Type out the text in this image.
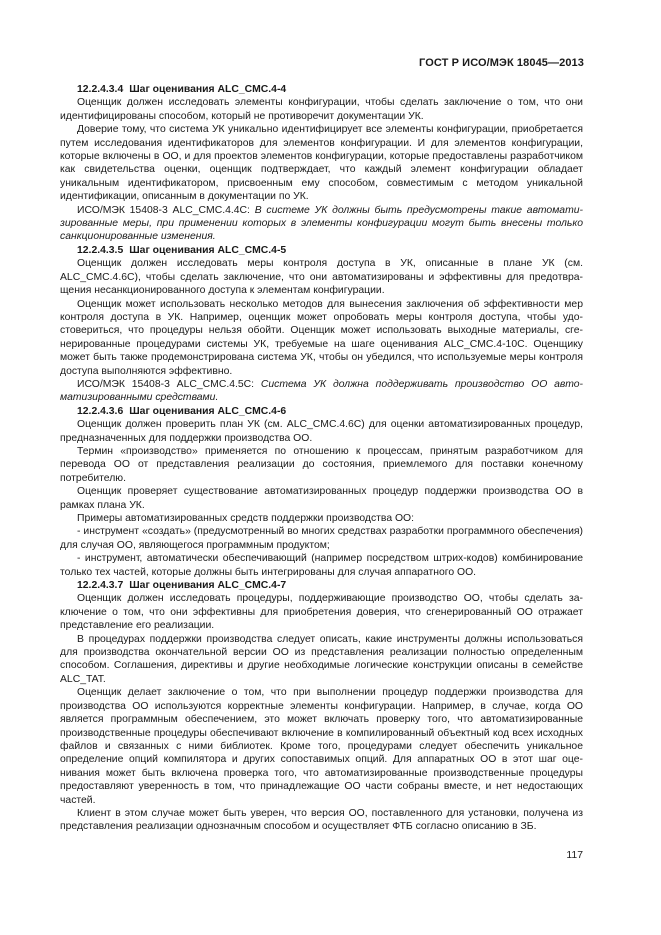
ГОСТ Р ИСО/МЭК 18045—2013
12.2.4.3.4 Шаг оценивания ALC_CMC.4-4

Оценщик должен исследовать элементы конфигурации, чтобы сделать заключение о том, что они идентифицированы способом, который не противоречит документации УК.

Доверие тому, что система УК уникально идентифицирует все элементы конфигурации, приобретается путем исследования идентификаторов для элементов конфигурации. И для элементов конфигурации, которые включены в ОО, и для проектов элементов конфигурации, которые предоставлены разработчиком как свидетельства оценки, оценщик подтверждает, что каждый элемент конфигурации обладает уникальным идентификатором, присвоенным ему способом, совместимым с методом уникальной идентификации, описанным в документации по УК.

ИСО/МЭК 15408-3 ALC_CMC.4.4C: В системе УК должны быть предусмотрены такие автоматизированные меры, при применении которых в элементы конфигурации могут быть внесены только санкционированные изменения.

12.2.4.3.5 Шаг оценивания ALC_CMC.4-5

Оценщик должен исследовать меры контроля доступа в УК, описанные в плане УК (см. ALC_CMC.4.6C), чтобы сделать заключение, что они автоматизированы и эффективны для предотвращения несанкционированного доступа к элементам конфигурации.

Оценщик может использовать несколько методов для вынесения заключения об эффективности мер контроля доступа в УК. Например, оценщик может опробовать меры контроля доступа, чтобы удостовериться, что процедуры нельзя обойти. Оценщик может использовать выходные материалы, сгенерированные процедурами системы УК, требуемые на шаге оценивания ALC_CMC.4-10C. Оценщику может быть также продемонстрирована система УК, чтобы он убедился, что используемые меры контроля доступа выполняются эффективно.

ИСО/МЭК 15408-3 ALC_CMC.4.5C: Система УК должна поддерживать производство ОО автоматизированными средствами.

12.2.4.3.6 Шаг оценивания ALC_CMC.4-6

Оценщик должен проверить план УК (см. ALC_CMC.4.6C) для оценки автоматизированных процедур, предназначенных для поддержки производства ОО.

Термин «производство» применяется по отношению к процессам, принятым разработчиком для перевода ОО от представления реализации до состояния, приемлемого для поставки конечному потребителю.

Оценщик проверяет существование автоматизированных процедур поддержки производства ОО в рамках плана УК.

Примеры автоматизированных средств поддержки производства ОО:

- инструмент «создать» (предусмотренный во многих средствах разработки программного обеспечения) для случая ОО, являющегося программным продуктом;

- инструмент, автоматически обеспечивающий (например посредством штрих-кодов) комбинирование только тех частей, которые должны быть интегрированы для случая аппаратного ОО.

12.2.4.3.7 Шаг оценивания ALC_CMC.4-7

Оценщик должен исследовать процедуры, поддерживающие производство ОО, чтобы сделать заключение о том, что они эффективны для приобретения доверия, что сгенерированный ОО отражает представление его реализации.

В процедурах поддержки производства следует описать, какие инструменты должны использоваться для производства окончательной версии ОО из представления реализации полностью определенным способом. Соглашения, директивы и другие необходимые логические конструкции описаны в семействе ALC_TAT.

Оценщик делает заключение о том, что при выполнении процедур поддержки производства для производства ОО используются корректные элементы конфигурации. Например, в случае, когда ОО является программным обеспечением, это может включать проверку того, что автоматизированные производственные процедуры обеспечивают включение в компилированный объектный код всех исходных файлов и связанных с ними библиотек. Кроме того, процедурами следует обеспечить уникальное определение опций компилятора и других сопоставимых опций. Для аппаратных ОО в этот шаг оценивания может быть включена проверка того, что автоматизированные производственные процедуры предоставляют уверенность в том, что принадлежащие ОО части собраны вместе, и нет недостающих частей.

Клиент в этом случае может быть уверен, что версия ОО, поставленного для установки, получена из представления реализации однозначным способом и осуществляет ФТБ согласно описанию в ЗБ.

117
